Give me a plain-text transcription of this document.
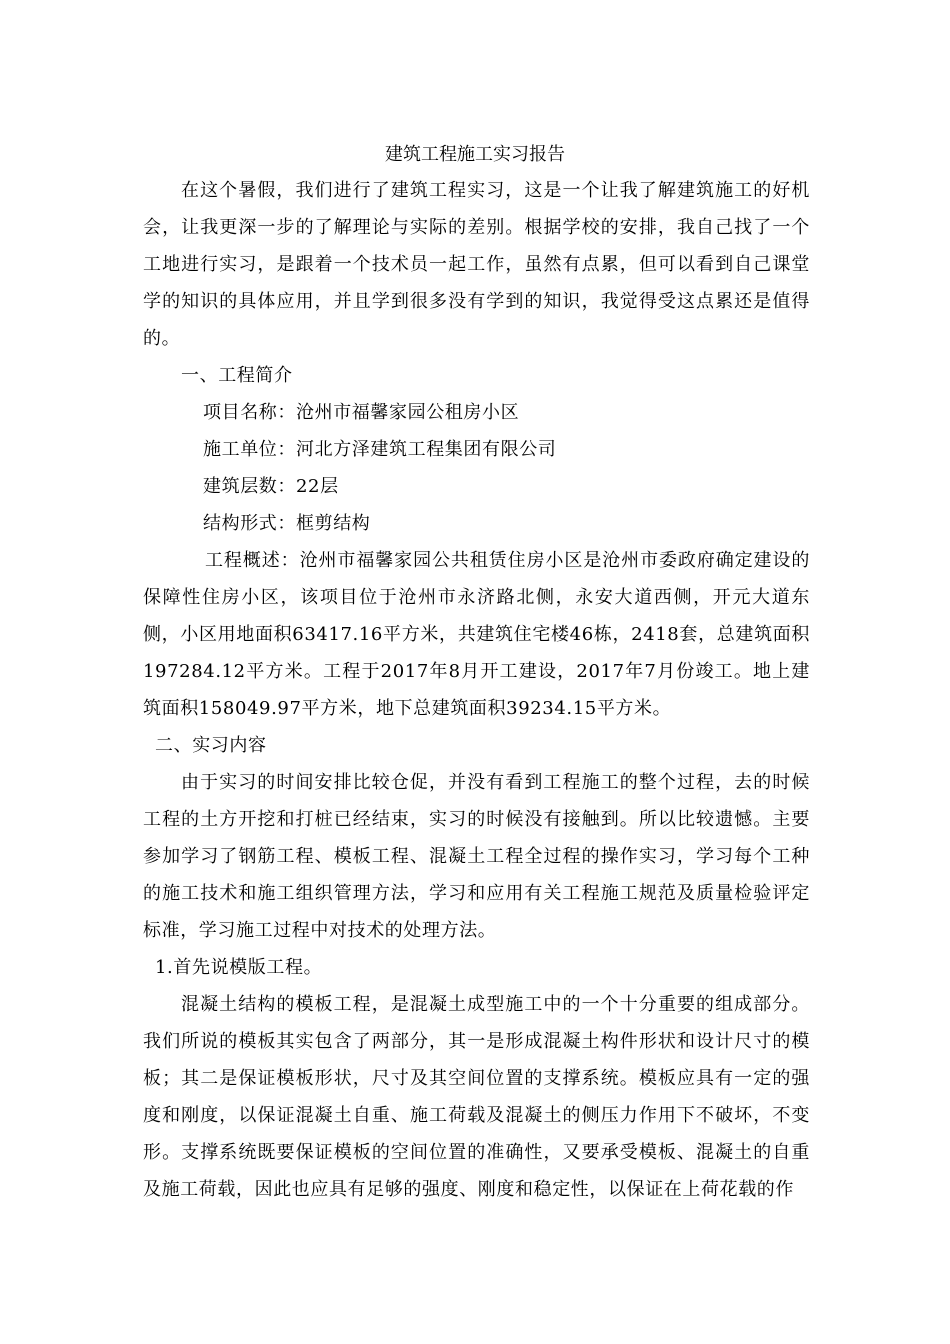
建筑工程施工实习报告

在这个暑假，我们进行了建筑工程实习，这是一个让我了解建筑施工的好机会，让我更深一步的了解理论与实际的差别。根据学校的安排，我自己找了一个工地进行实习，是跟着一个技术员一起工作，虽然有点累，但可以看到自己课堂学的知识的具体应用，并且学到很多没有学到的知识，我觉得受这点累还是值得的。

一、工程简介

项目名称：沧州市福馨家园公租房小区

施工单位：河北方泽建筑工程集团有限公司

建筑层数：22层

结构形式：框剪结构

工程概述：沧州市福馨家园公共租赁住房小区是沧州市委政府确定建设的保障性住房小区，该项目位于沧州市永济路北侧，永安大道西侧，开元大道东侧，小区用地面积63417.16平方米，共建筑住宅楼46栋，2418套，总建筑面积197284.12平方米。工程于2017年8月开工建设，2017年7月份竣工。地上建筑面积158049.97平方米，地下总建筑面积39234.15平方米。

二、实习内容

由于实习的时间安排比较仓促，并没有看到工程施工的整个过程，去的时候工程的土方开挖和打桩已经结束，实习的时候没有接触到。所以比较遗憾。主要参加学习了钢筋工程、模板工程、混凝土工程全过程的操作实习，学习每个工种的施工技术和施工组织管理方法，学习和应用有关工程施工规范及质量检验评定标准，学习施工过程中对技术的处理方法。

1.首先说模版工程。

混凝土结构的模板工程，是混凝土成型施工中的一个十分重要的组成部分。我们所说的模板其实包含了两部分，其一是形成混凝土构件形状和设计尺寸的模板；其二是保证模板形状，尺寸及其空间位置的支撑系统。模板应具有一定的强度和刚度，以保证混凝土自重、施工荷载及混凝土的侧压力作用下不破坏，不变形。支撑系统既要保证模板的空间位置的准确性，又要承受模板、混凝土的自重及施工荷载，因此也应具有足够的强度、刚度和稳定性，以保证在上荷花载的作
